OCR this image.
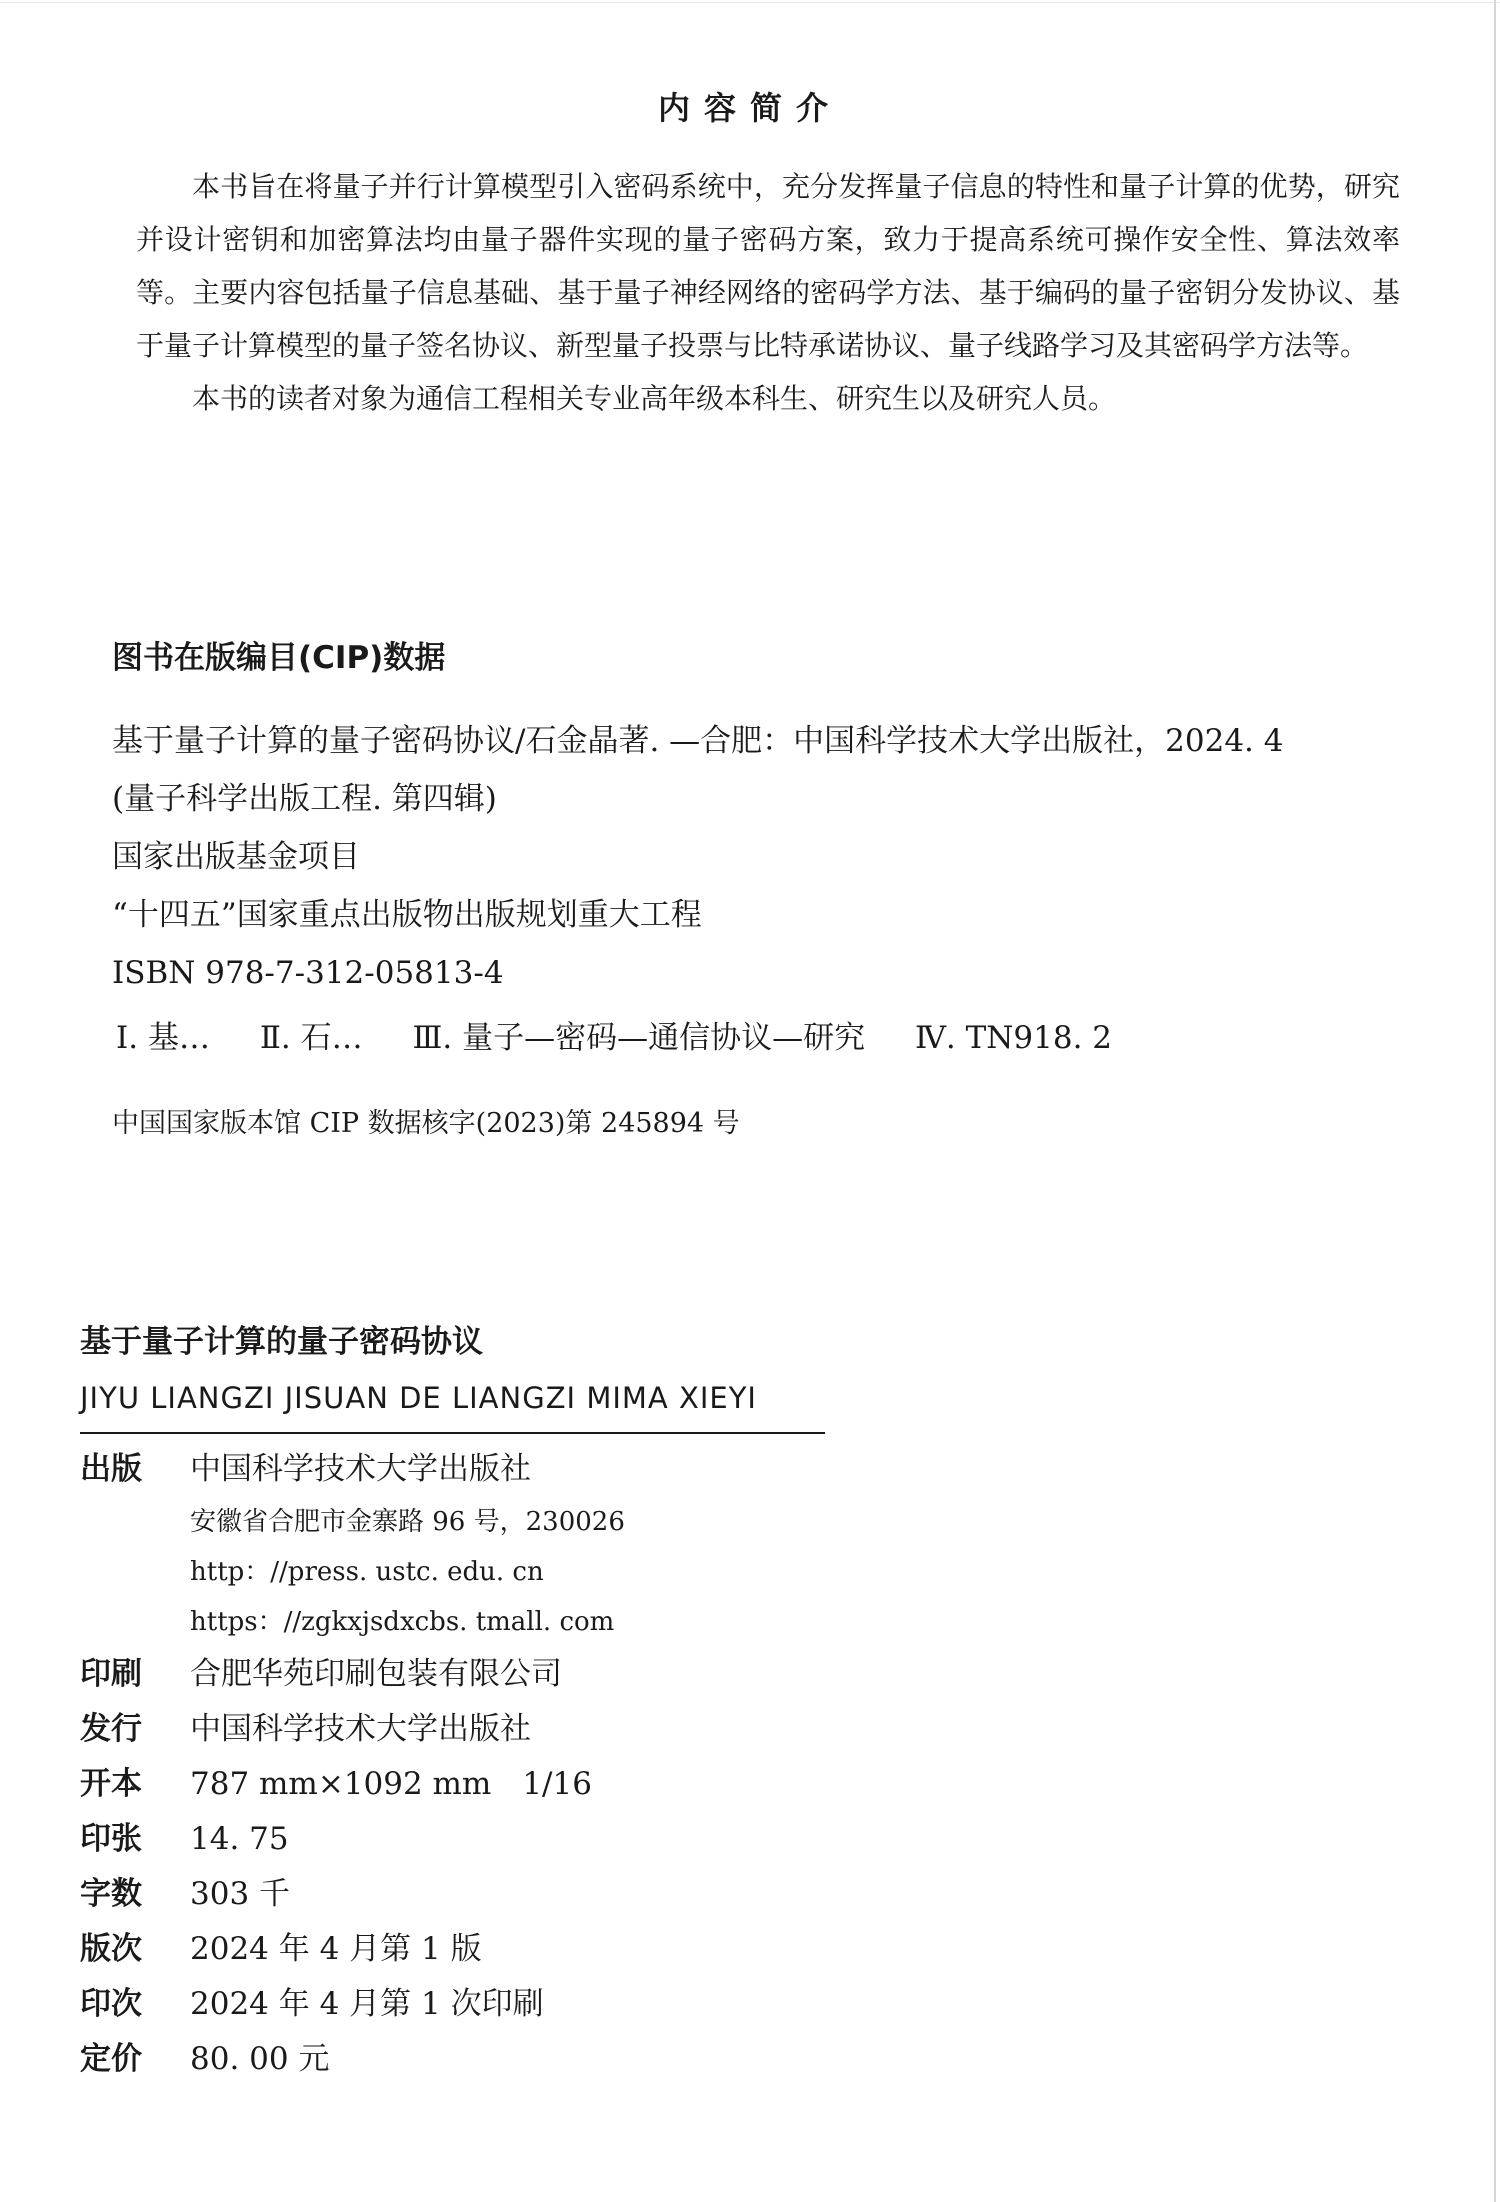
内容简介

本书旨在将量子并行计算模型引入密码系统中，充分发挥量子信息的特性和量子计算的优势，研究并设计密钥和加密算法均由量子器件实现的量子密码方案，致力于提高系统可操作安全性、算法效率等。主要内容包括量子信息基础、基于量子神经网络的密码学方法、基于编码的量子密钥分发协议、基于量子计算模型的量子签名协议、新型量子投票与比特承诺协议、量子线路学习及其密码学方法等。

本书的读者对象为通信工程相关专业高年级本科生、研究生以及研究人员。

图书在版编目(CIP)数据
基于量子计算的量子密码协议/石金晶著. —合肥：中国科学技术大学出版社，2024. 4
(量子科学出版工程. 第四辑)
国家出版基金项目
“十四五”国家重点出版物出版规划重大工程
ISBN 978-7-312-05813-4
Ⅰ. 基… Ⅱ. 石… Ⅲ. 量子—密码—通信协议—研究 Ⅳ. TN918. 2
中国国家版本馆 CIP 数据核字(2023)第 245894 号
基于量子计算的量子密码协议
JIYU LIANGZI JISUAN DE LIANGZI MIMA XIEYI
出版	中国科学技术大学出版社
安徽省合肥市金寨路 96 号，230026
http：//press. ustc. edu. cn
https：//zgkxjsdxcbs. tmall. com
印刷	合肥华苑印刷包装有限公司
发行	中国科学技术大学出版社
开本	787 mm×1092 mm　1/16
印张	14. 75
字数	303 千
版次	2024 年 4 月第 1 版
印次	2024 年 4 月第 1 次印刷
定价	80. 00 元
